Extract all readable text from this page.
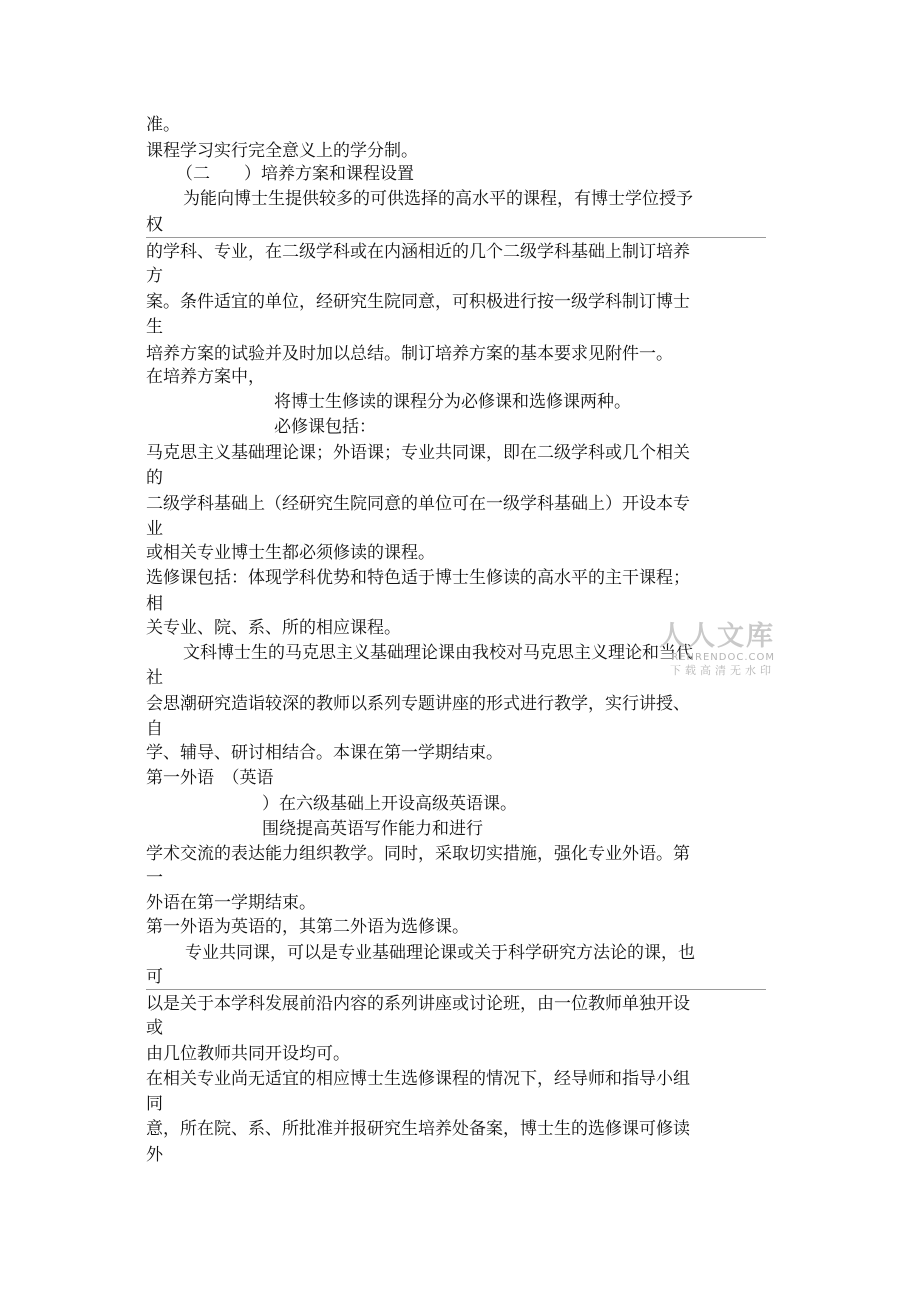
准。

课程学习实行完全意义上的学分制。

（二　　）培养方案和课程设置

为能向博士生提供较多的可供选择的高水平的课程，有博士学位授予

权

的学科、专业，在二级学科或在内涵相近的几个二级学科基础上制订培养

方

案。条件适宜的单位，经研究生院同意，可积极进行按一级学科制订博士

生

培养方案的试验并及时加以总结。制订培养方案的基本要求见附件一。

在培养方案中，

将博士生修读的课程分为必修课和选修课两种。

必修课包括：

马克思主义基础理论课；外语课；专业共同课，即在二级学科或几个相关

的

二级学科基础上（经研究生院同意的单位可在一级学科基础上）开设本专

业

或相关专业博士生都必须修读的课程。

选修课包括：体现学科优势和特色适于博士生修读的高水平的主干课程；

相

关专业、院、系、所的相应课程。

文科博士生的马克思主义基础理论课由我校对马克思主义理论和当代

社

会思潮研究造诣较深的教师以系列专题讲座的形式进行教学，实行讲授、

自

学、辅导、研讨相结合。本课在第一学期结束。

第一外语　（英语

）在六级基础上开设高级英语课。

围绕提高英语写作能力和进行

学术交流的表达能力组织教学。同时，采取切实措施，强化专业外语。第

一

外语在第一学期结束。

第一外语为英语的，其第二外语为选修课。

专业共同课，可以是专业基础理论课或关于科学研究方法论的课，也

可

以是关于本学科发展前沿内容的系列讲座或讨论班，由一位教师单独开设

或

由几位教师共同开设均可。

在相关专业尚无适宜的相应博士生选修课程的情况下，经导师和指导小组

同

意，所在院、系、所批准并报研究生培养处备案，博士生的选修课可修读

外

人人文库
RENRENDOC.COM
下载高清无水印
